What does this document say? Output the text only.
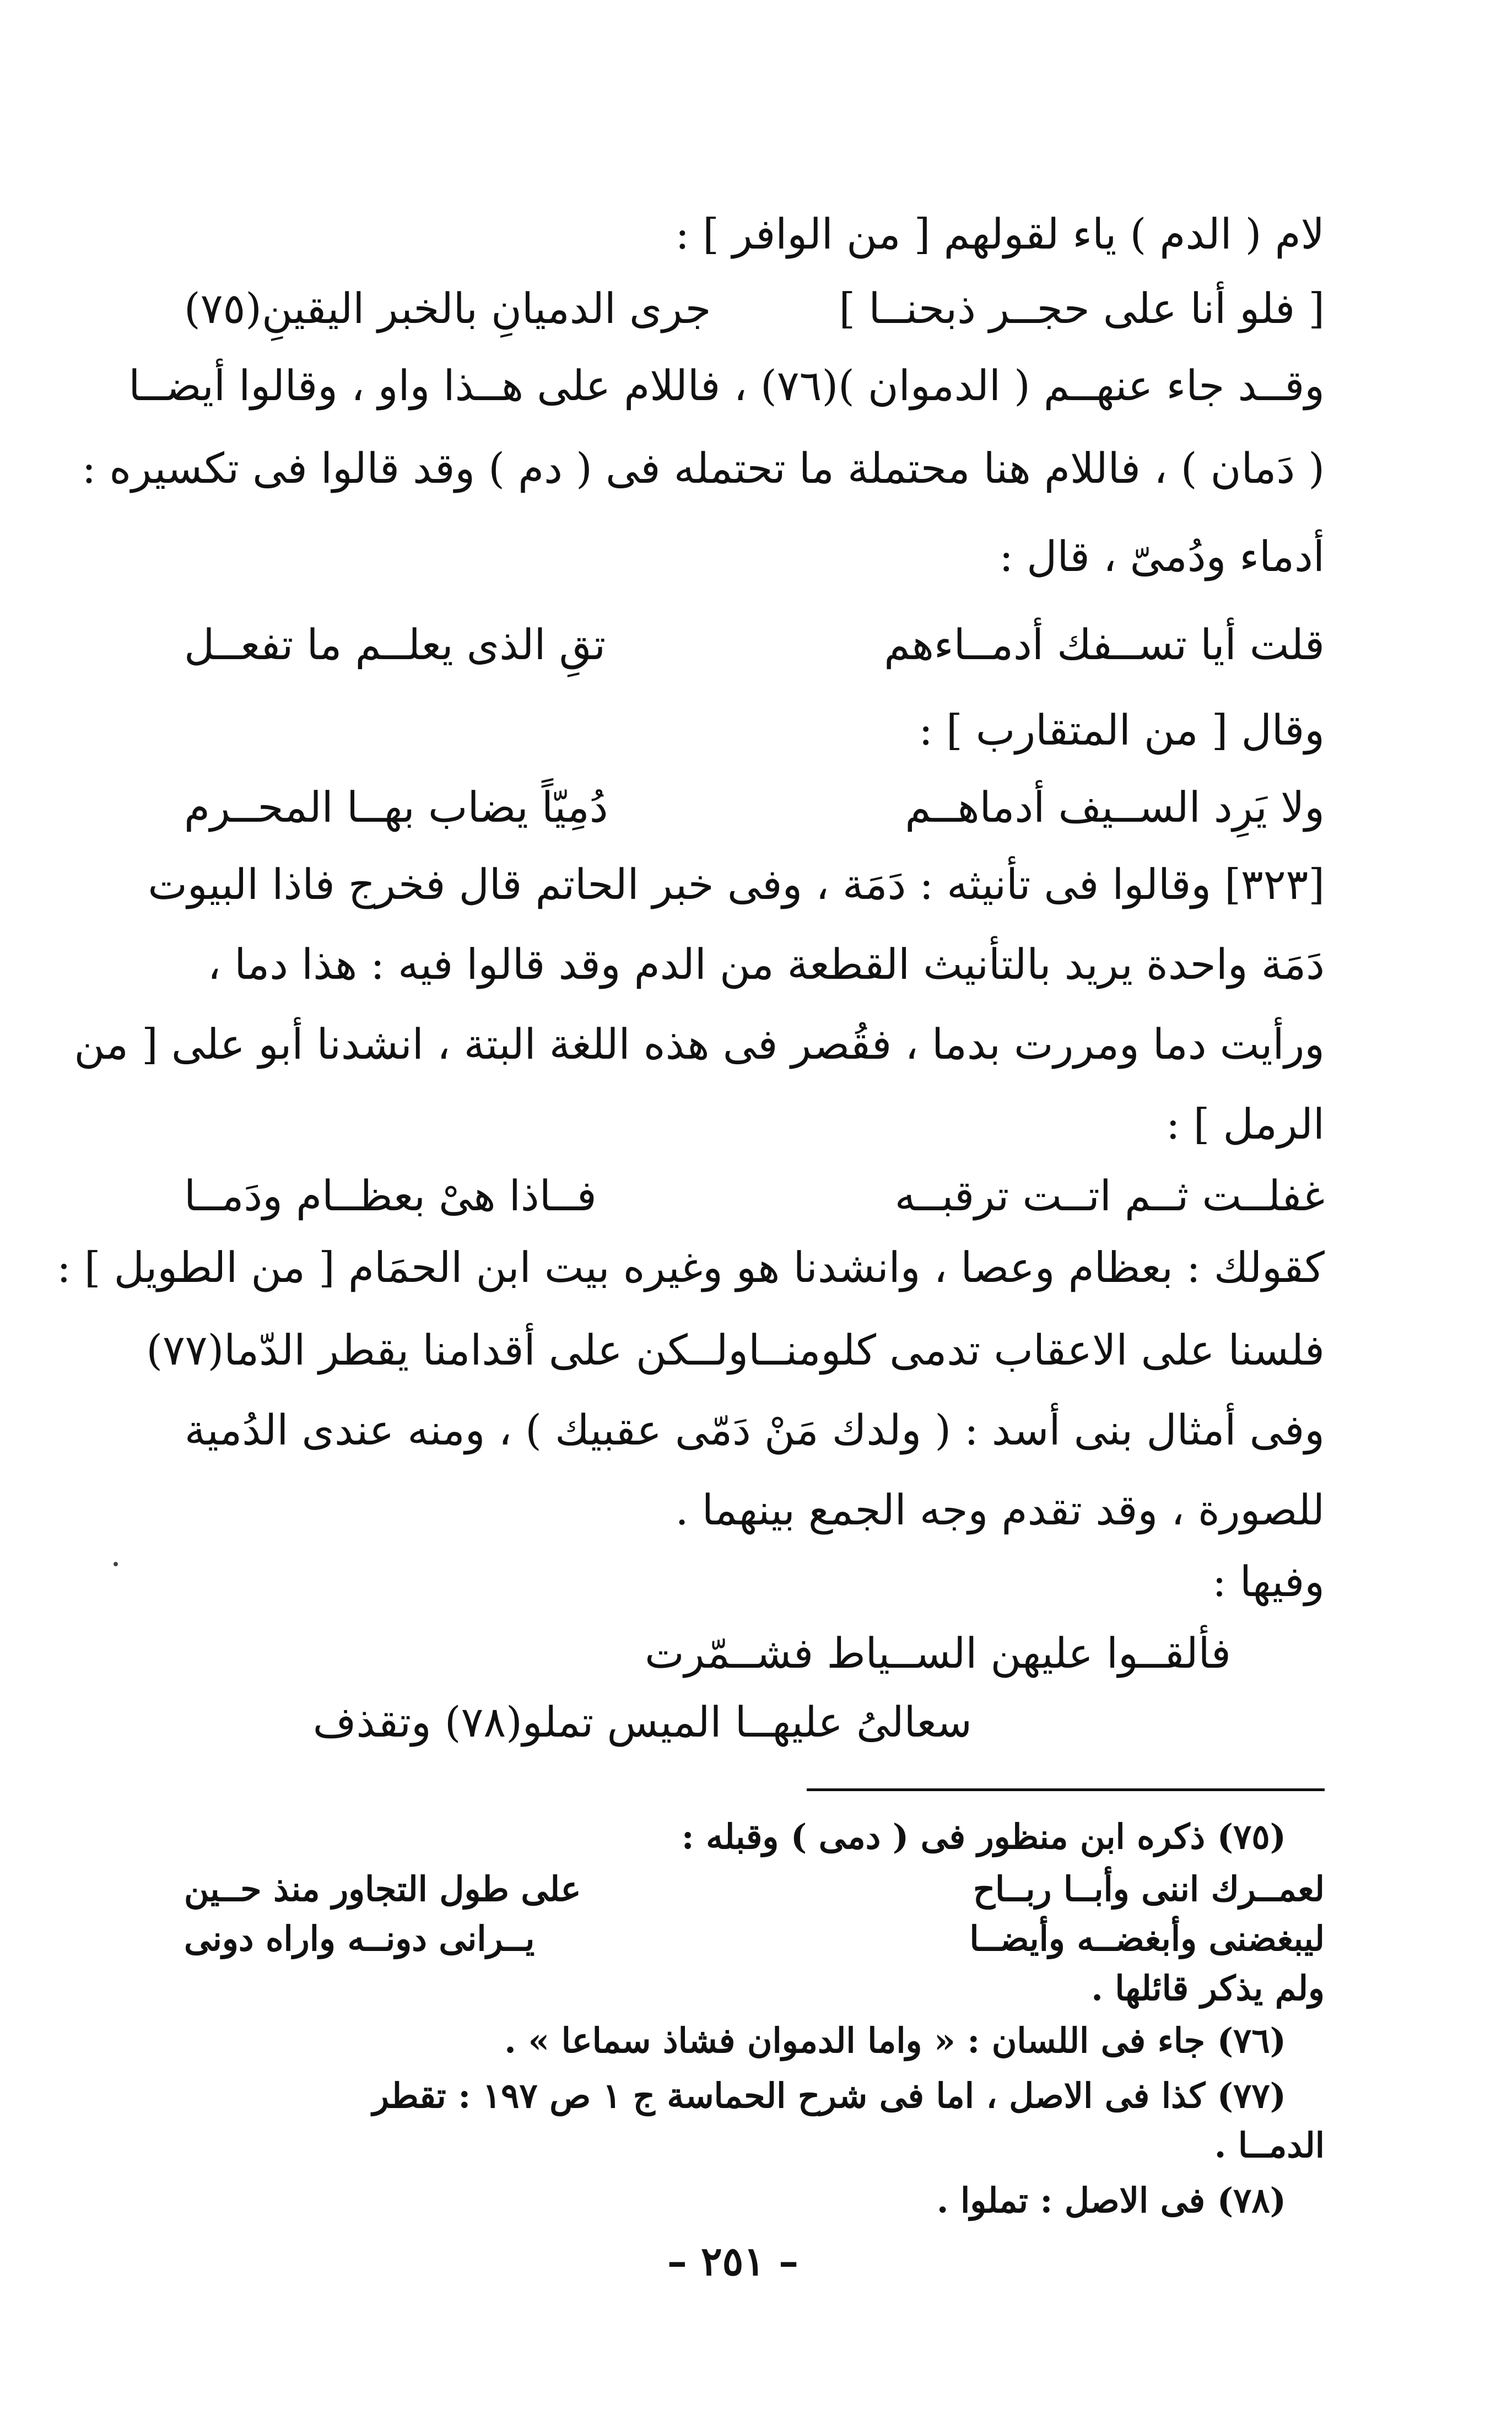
لام ( الدم ) ياء لقولهم [ من الوافر ] :
[ فلو أنا على حجــر ذبحنــا ]
جرى الدميانِ بالخبر اليقينِ(٧٥)
وقــد جاء عنهــم ( الدموان )(٧٦) ، فاللام على هــذا واو ، وقالوا أيضــا
( دَمان ) ، فاللام هنا محتملة ما تحتمله فى ( دم ) وقد قالوا فى تكسيره :
أدماء ودُمىّ ، قال :
قلت أيا تســفك أدمــاءهم
تقِ الذى يعلــم ما تفعــل
وقال [ من المتقارب ] :
ولا يَرِد الســيف أدماهــم
دُمِيّاً يضاب بهــا المحــرم
[٣٢٣] وقالوا فى تأنيثه : دَمَة ، وفى خبر الحاتم قال فخرج فاذا البيوت
دَمَة واحدة يريد بالتأنيث القطعة من الدم وقد قالوا فيه : هذا دما ،
ورأيت دما ومررت بدما ، فقُصر فى هذه اللغة البتة ، انشدنا أبو على [ من
الرمل ] :
غفلــت ثــم اتــت ترقبــه
فــاذا هىْ بعظــام ودَمــا
كقولك : بعظام وعصا ، وانشدنا هو وغيره بيت ابن الحمَام [ من الطويل ] :
فلسنا على الاعقاب تدمى كلومنــا
ولــكن على أقدامنا يقطر الدّما(٧٧)
وفى أمثال بنى أسد : ( ولدك مَنْ دَمّى عقبيك ) ، ومنه عندى الدُمية
للصورة ، وقد تقدم وجه الجمع بينهما .
وفيها :
فألقــوا عليهن الســياط فشــمّرت
سعالىُ عليهــا الميس تملو(٧٨) وتقذف
(٧٥) ذكره ابن منظور فى ( دمى ) وقبله :
لعمــرك اننى وأبــا ربــاح
على طول التجاور منذ حــين
ليبغضنى وأبغضــه وأيضــا
يــرانى دونــه واراه دونى
ولم يذكر قائلها .
(٧٦) جاء فى اللسان : « واما الدموان فشاذ سماعا » .
(٧٧) كذا فى الاصل ، اما فى شرح الحماسة ج ١ ص ١٩٧ : تقطر
الدمــا .
(٧٨) فى الاصل : تملوا .
– ٢٥١ –
